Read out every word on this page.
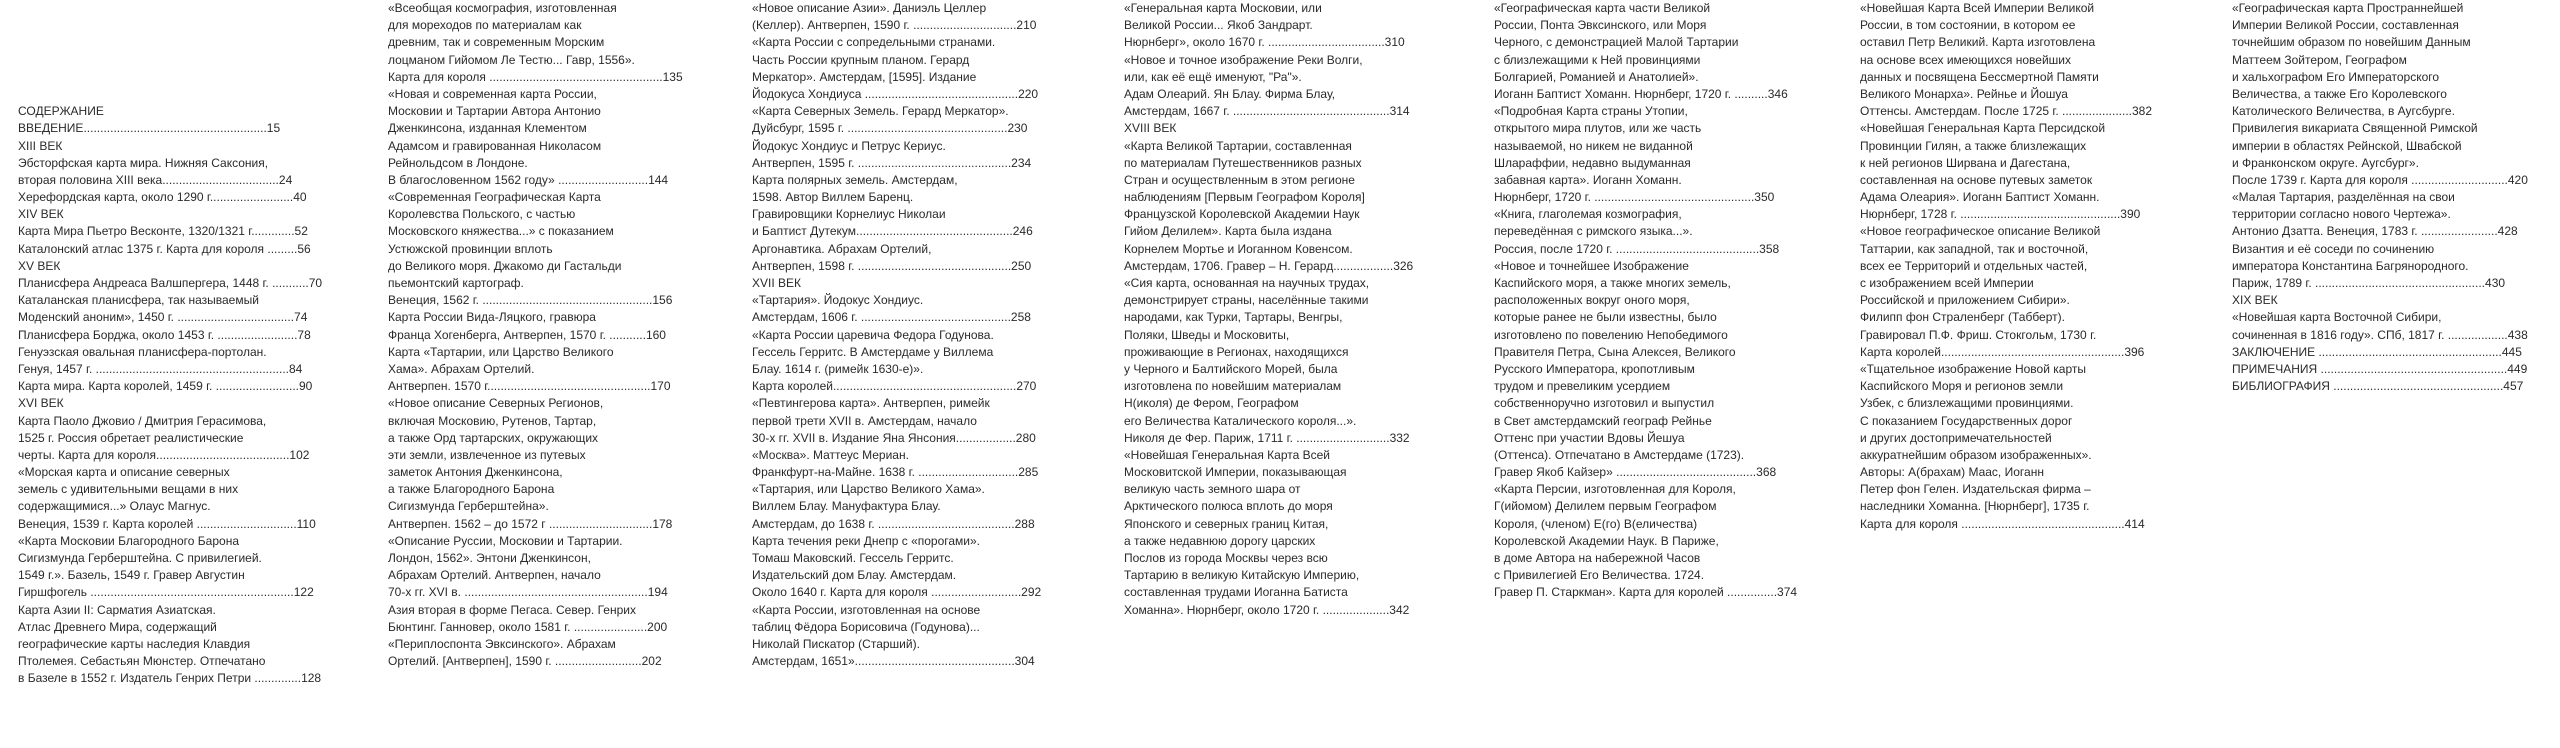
СОДЕРЖАНИЕ
ВВЕДЕНИЕ.......................................................15
XIII ВЕК
Эбсторфская карта мира. Нижняя Саксония,
вторая половина XIII века...................................24
Херефордская карта, около 1290 г.........................40
XIV ВЕК
Карта Мира Пьетро Весконте, 1320/1321 г.............52
Каталонский атлас 1375 г. Карта для короля .........56
XV ВЕК
Планисфера Андреаса Валшпергера, 1448 г. ...........70
Каталанская планисфера, так называемый
Моденский аноним», 1450 г. ...................................74
Планисфера Борджа, около 1453 г. ........................78
Генуэзская овальная планисфера-портолан.
Генуя, 1457 г. ..........................................................84
Карта мира. Карта королей, 1459 г. .........................90
XVI ВЕК
Карта Паоло Джовио / Дмитрия Герасимова,
1525 г. Россия обретает реалистические
черты. Карта для короля........................................102
«Морская карта и описание северных
земель с удивительными вещами в них
содержащимися...» Олаус Магнус.
Венеция, 1539 г. Карта королей ..............................110
«Карта Московии Благородного Барона
Сигизмунда Герберштейна. С привилегией.
1549 г.». Базель, 1549 г. Гравер Августин
Гиршфогель .............................................................122
Карта Азии II: Сарматия Азиатская.
Атлас Древнего Мира, содержащий
географические карты наследия Клавдия
Птолемея. Себастьян Мюнстер. Отпечатано
в Базеле в 1552 г. Издатель Генрих Петри ..............128
«Всеобщая космография, изготовленная
для мореходов по материалам как
древним, так и современным Морским
лоцманом Гийомом Ле Тестю... Гавр, 1556».
Карта для короля ....................................................135
«Новая и современная карта России,
Московии и Тартарии Автора Антонио
Дженкинсона, изданная Клементом
Адамсом и гравированная Николасом
Рейнольдсом в Лондоне.
В благословенном 1562 году» ...........................144
«Современная Географическая Карта
Королевства Польского, с частью
Московского княжества...» с показанием
Устюжской провинции вплоть
до Великого моря. Джакомо ди Гастальди
пьемонтский картограф.
Венеция, 1562 г. ...................................................156
Карта России Вида-Ляцкого, гравюра
Франца Хогенберга, Антверпен, 1570 г. ...........160
Карта «Тартарии, или Царство Великого
Хама». Абрахам Ортелий.
Антверпен. 1570 г.................................................170
«Новое описание Северных Регионов,
включая Московию, Рутенов, Тартар,
а также Орд тартарских, окружающих
эти земли, извлеченное из путевых
заметок Антония Дженкинсона,
а также Благородного Барона
Сигизмунда Герберштейна».
Антверпен. 1562 – до 1572 г ...............................178
«Описание Руссии, Московии и Тартарии.
Лондон, 1562». Энтони Дженкинсон,
Абрахам Ортелий. Антверпен, начало
70-х гг. XVI в. .......................................................194
Азия вторая в форме Пегаса. Север. Генрих
Бюнтинг. Ганновер, около 1581 г. ......................200
«Периплоспонта Эвксинского». Абрахам
Ортелий. [Антверпен], 1590 г. ..........................202
«Новое описание Азии». Даниэль Целлер
(Келлер). Антверпен, 1590 г. ...............................210
«Карта России с сопредельными странами.
Часть России крупным планом. Герард
Меркатор». Амстердам, [1595]. Издание
Йодокуса Хондиуса ..............................................220
«Карта Северных Земель. Герард Меркатор».
Дуйсбург, 1595 г. ................................................230
Йодокус Хондиус и Петрус Кериус.
Антверпен, 1595 г. ..............................................234
Карта полярных земель. Амстердам,
1598. Автор Виллем Баренц.
Гравировщики Корнелиус Николаи
и Баптист Дутекум...............................................246
Аргонавтика. Абрахам Ортелий,
Антверпен, 1598 г. ..............................................250
XVII ВЕК
«Тартария». Йодокус Хондиус.
Амстердам, 1606 г. .............................................258
«Карта России царевича Федора Годунова.
Гессель Герритс. В Амстердаме у Виллема
Блау. 1614 г. (римейк 1630-е)».
Карта королей.......................................................270
«Певтингерова карта». Антверпен, римейк
первой трети XVII в. Амстердам, начало
30-х гг. XVII в. Издание Яна Янсония..................280
«Москва». Маттеус Мериан.
Франкфурт-на-Майне. 1638 г. ..............................285
«Тартария, или Царство Великого Хама».
Виллем Блау. Мануфактура Блау.
Амстердам, до 1638 г. .........................................288
Карта течения реки Днепр с «порогами».
Томаш Маковский. Гессель Герритс.
Издательский дом Блау. Амстердам.
Около 1640 г. Карта для короля ...........................292
«Карта России, изготовленная на основе
таблиц Фёдора Борисовича (Годунова)...
Николай Пискатор (Старший).
Амстердам, 1651»................................................304
«Генеральная карта Московии, или
Великой России... Якоб Зандрарт.
Нюрнберг», около 1670 г. ...................................310
«Новое и точное изображение Реки Волги,
или, как её ещё именуют, "Ра"».
Адам Олеарий. Ян Блау. Фирма Блау,
Амстердам, 1667 г. ...............................................314
XVIII ВЕК
«Карта Великой Тартарии, составленная
по материалам Путешественников разных
Стран и осуществленным в этом регионе
наблюдениям [Первым Географом Короля]
Французской Королевской Академии Наук
Гийом Делилем». Карта была издана
Корнелем Мортье и Иоганном Ковенсом.
Амстердам, 1706. Гравер – Н. Герард..................326
«Сия карта, основанная на научных трудах,
демонстрирует страны, населённые такими
народами, как Турки, Тартары, Венгры,
Поляки, Шведы и Московиты,
проживающие в Регионах, находящихся
у Черного и Балтийского Морей, была
изготовлена по новейшим материалам
Н(иколя) де Фером, Географом
его Величества Каталического короля...».
Николя де Фер. Париж, 1711 г. ............................332
«Новейшая Генеральная Карта Всей
Московитской Империи, показывающая
великую часть земного шара от
Арктического полюса вплоть до моря
Японского и северных границ Китая,
а также недавнюю дорогу царских
Послов из города Москвы через всю
Тартарию в великую Китайскую Империю,
составленная трудами Иоганна Батиста
Хоманна». Нюрнберг, около 1720 г. ....................342
«Географическая карта части Великой
России, Понта Эвксинского, или Моря
Черного, с демонстрацией Малой Тартарии
с близлежащими к Ней провинциями
Болгарией, Романией и Анатолией».
Иоганн Баптист Хоманн. Нюрнберг, 1720 г. ..........346
«Подробная Карта страны Утопии,
открытого мира плутов, или же часть
называемой, но никем не виданной
Шлараффии, недавно выдуманная
забавная карта». Иоганн Хоманн.
Нюрнберг, 1720 г. ................................................350
«Книга, глаголемая козмография,
переведённая с римского языка...».
Россия, после 1720 г. ...........................................358
«Новое и точнейшее Изображение
Каспийского моря, а также многих земель,
расположенных вокруг оного моря,
которые ранее не были известны, было
изготовлено по повелению Непобедимого
Правителя Петра, Сына Алексея, Великого
Русского Императора, кропотливым
трудом и превеликим усердием
собственноручно изготовил и выпустил
в Свет амстердамский географ Рейнье
Оттенс при участии Вдовы Йешуа
(Оттенса). Отпечатано в Амстердаме (1723).
Гравер Якоб Кайзер» ..........................................368
«Карта Персии, изготовленная для Короля,
Г(ийомом) Делилем первым Географом
Короля, (членом) Е(го) В(еличества)
Королевской Академии Наук. В Париже,
в доме Автора на набережной Часов
с Привилегией Его Величества. 1724.
Гравер П. Старкман». Карта для королей ...............374
«Новейшая Карта Всей Империи Великой
России, в том состоянии, в котором ее
оставил Петр Великий. Карта изготовлена
на основе всех имеющихся новейших
данных и посвящена Бессмертной Памяти
Великого Монарха». Рейнье и Йошуа
Оттенсы. Амстердам. После 1725 г. .....................382
«Новейшая Генеральная Карта Персидской
Провинции Гилян, а также близлежащих
к ней регионов Ширвана и Дагестана,
составленная на основе путевых заметок
Адама Олеария». Иоганн Баптист Хоманн.
Нюрнберг, 1728 г. ................................................390
«Новое географическое описание Великой
Таттарии, как западной, так и восточной,
всех ее Территорий и отдельных частей,
с изображением всей Империи
Российской и приложением Сибири».
Филипп фон Страленберг (Табберт).
Гравировал П.Ф. Фриш. Стокгольм, 1730 г.
Карта королей.......................................................396
«Тщательное изображение Новой карты
Каспийского Моря и регионов земли
Узбек, с близлежащими провинциями.
С показанием Государственных дорог
и других достопримечательностей
аккуратнейшим образом изображенных».
Авторы: А(брахам) Маас, Иоганн
Петер фон Гелен. Издательская фирма –
наследники Хоманна. [Нюрнберг], 1735 г.
Карта для короля .................................................414
«Географическая карта Пространнейшей
Империи Великой России, составленная
точнейшим образом по новейшим Данным
Маттеем Зойтером, Географом
и хальхографом Его Императорского
Величества, а также Его Королевского
Католического Величества, в Аугсбурге.
Привилегия викариата Священной Римской
империи в областях Рейнской, Швабской
и Франконском округе. Аугсбург».
После 1739 г. Карта для короля .............................420
«Малая Тартария, разделённая на свои
территории согласно нового Чертежа».
Антонио Дзатта. Венеция, 1783 г. .......................428
Византия и её соседи по сочинению
императора Константина Багрянородного.
Париж, 1789 г. ...................................................430
XIX ВЕК
«Новейшая карта Восточной Сибири,
сочиненная в 1816 году». СПб, 1817 г. ..................438
ЗАКЛЮЧЕНИЕ .......................................................445
ПРИМЕЧАНИЯ ........................................................449
БИБЛИОГРАФИЯ ...................................................457
